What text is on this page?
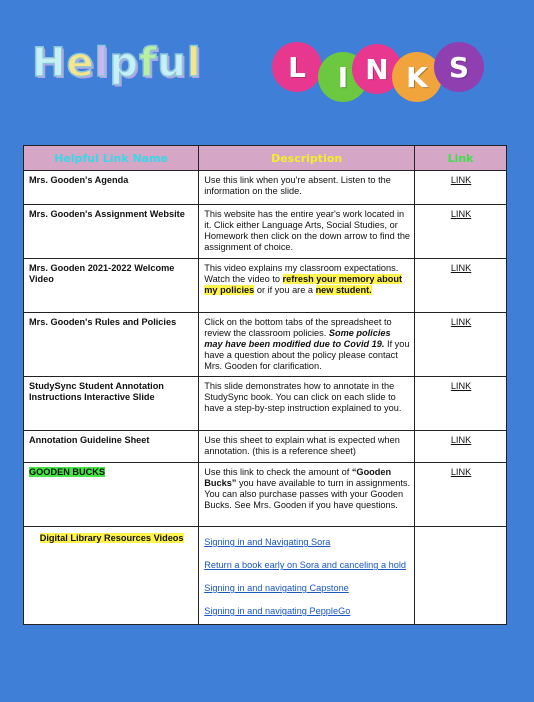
Helpful	L	I N K S
Helpful Link Name	Description	Link
Mrs. Gooden's Agenda	Use this link when you're absent. Listen to the information on the slide.	LINK
Mrs. Gooden's Assignment Website	This website has the entire year's work located in it. Click either Language Arts, Social Studies, or Homework then click on the down arrow to find the assignment of choice.	LINK
Mrs. Gooden 2021-2022 Welcome Video	This video explains my classroom expectations. Watch the video to refresh your memory about my policies or if you are a new student.	LINK
Mrs. Gooden's Rules and Policies	Click on the bottom tabs of the spreadsheet to review the classroom policies. Some policies may have been modified due to Covid 19. If you have a question about the policy please contact Mrs. Gooden for clarification.	LINK
StudySync Student Annotation Instructions Interactive Slide	This slide demonstrates how to annotate in the StudySync book. You can click on each slide to have a step-by-step instruction explained to you.	LINK
Annotation Guideline Sheet	Use this sheet to explain what is expected when annotation. (this is a reference sheet)	LINK
GOODEN BUCKS	Use this link to check the amount of “Gooden Bucks” you have available to turn in assignments. You can also purchase passes with your Gooden Bucks. See Mrs. Gooden if you have questions.	LINK
Digital Library Resources Videos	Signing in and Navigating Sora
Return a book early on Sora and canceling a hold
Signing in and navigating Capstone
Signing in and navigating PeppleGo	
